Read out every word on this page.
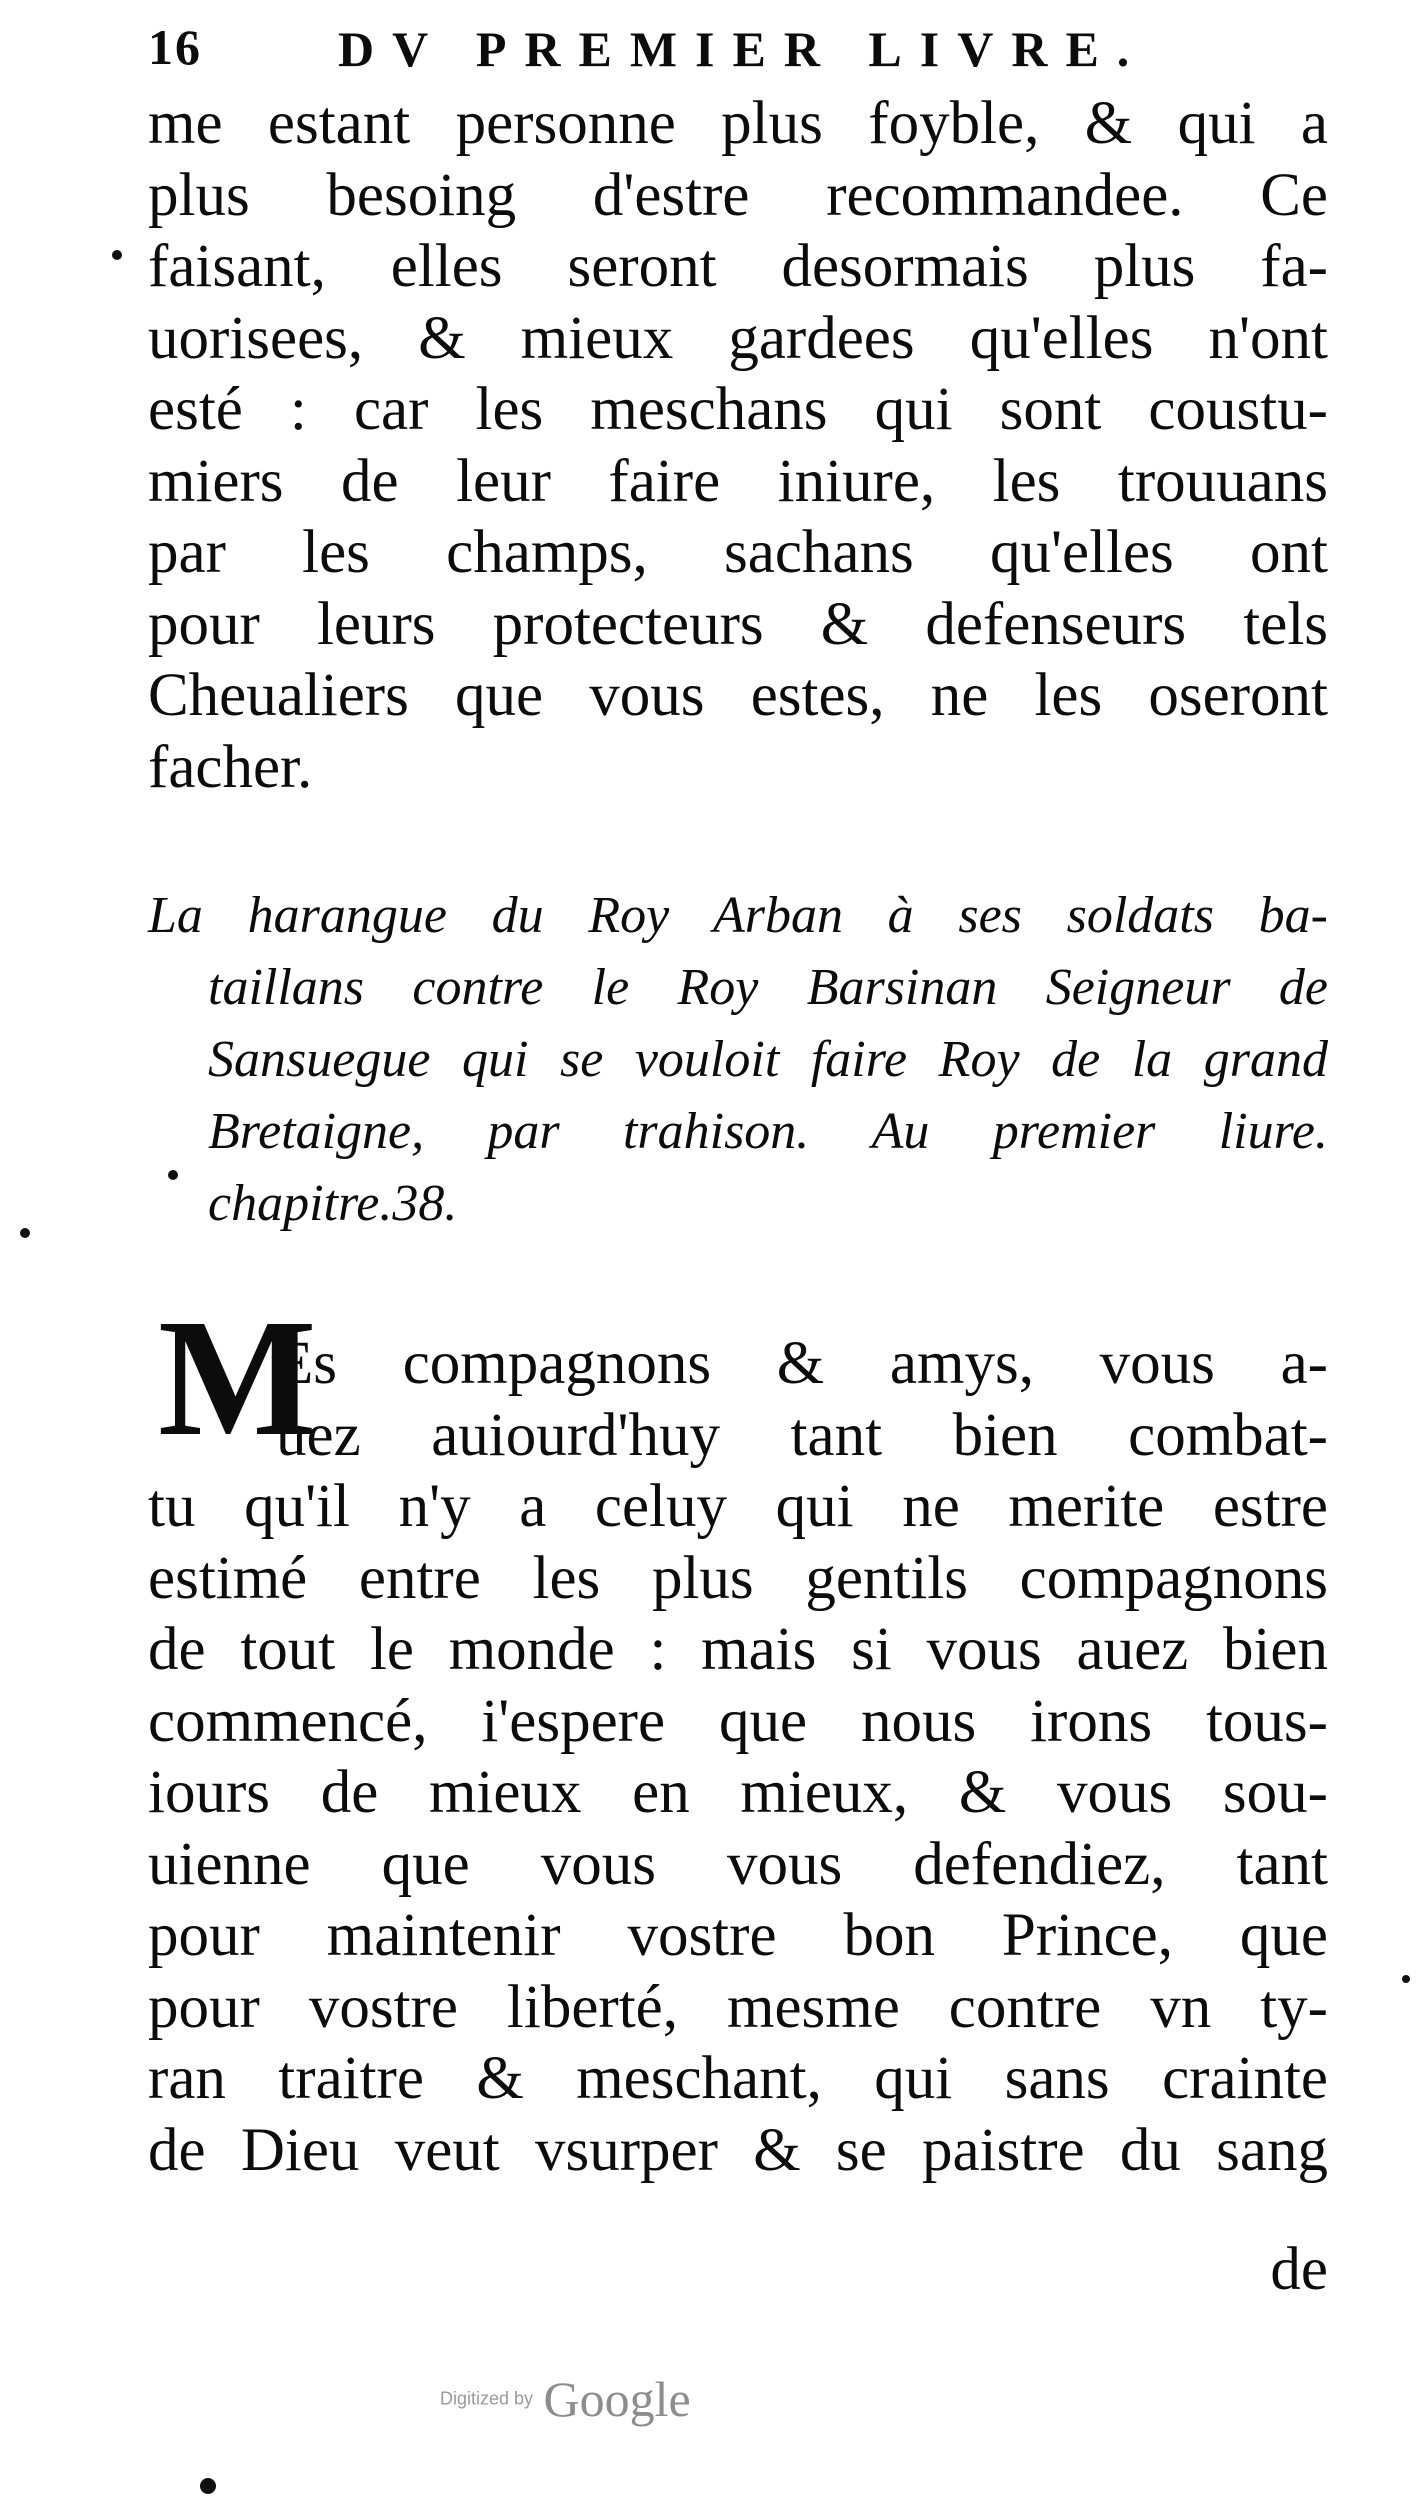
16	DV PREMIER LIVRE.
me estant personne plus foyble, & qui a
plus besoing d'estre recommandee. Ce
faisant, elles seront desormais plus fa-
uorisees, & mieux gardees qu'elles n'ont
esté : car les meschans qui sont coustu-
miers de leur faire iniure, les trouuans
par les champs, sachans qu'elles ont
pour leurs protecteurs & defenseurs tels
Cheualiers que vous estes, ne les oseront
facher.
La harangue du Roy Arban à ses soldats ba-
taillans contre le Roy Barsinan Seigneur de
Sansuegue qui se vouloit faire Roy de la grand
Bretaigne, par trahison. Au premier liure.
chapitre.38.
M
Es compagnons & amys, vous a-
uez auiourd'huy tant bien combat-
tu qu'il n'y a celuy qui ne merite estre
estimé entre les plus gentils compagnons
de tout le monde : mais si vous auez bien
commencé, i'espere que nous irons tous-
iours de mieux en mieux, & vous sou-
uienne que vous vous defendiez, tant
pour maintenir vostre bon Prince, que
pour vostre liberté, mesme contre vn ty-
ran traitre & meschant, qui sans crainte
de Dieu veut vsurper & se paistre du sang
de
Digitized by Google
